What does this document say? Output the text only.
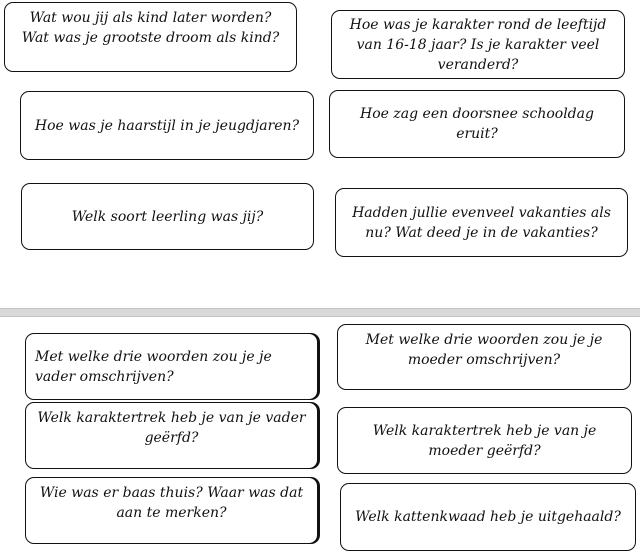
Wat wou jij als kind later worden? Wat was je grootste droom als kind?
Hoe was je karakter rond de leeftijd van 16-18 jaar? Is je karakter veel veranderd?
Hoe was je haarstijl in je jeugdjaren?
Hoe zag een doorsnee schooldag eruit?
Welk soort leerling was jij?	Hadden jullie evenveel vakanties als nu? Wat deed je in de vakanties?
Met welke drie woorden zou je je vader omschrijven?
Met welke drie woorden zou je je moeder omschrijven?
Welk karaktertrek heb je van je vader geërfd?	Welk karaktertrek heb je van je moeder geërfd?
Wie was er baas thuis? Waar was dat aan te merken?	Welk kattenkwaad heb je uitgehaald?
